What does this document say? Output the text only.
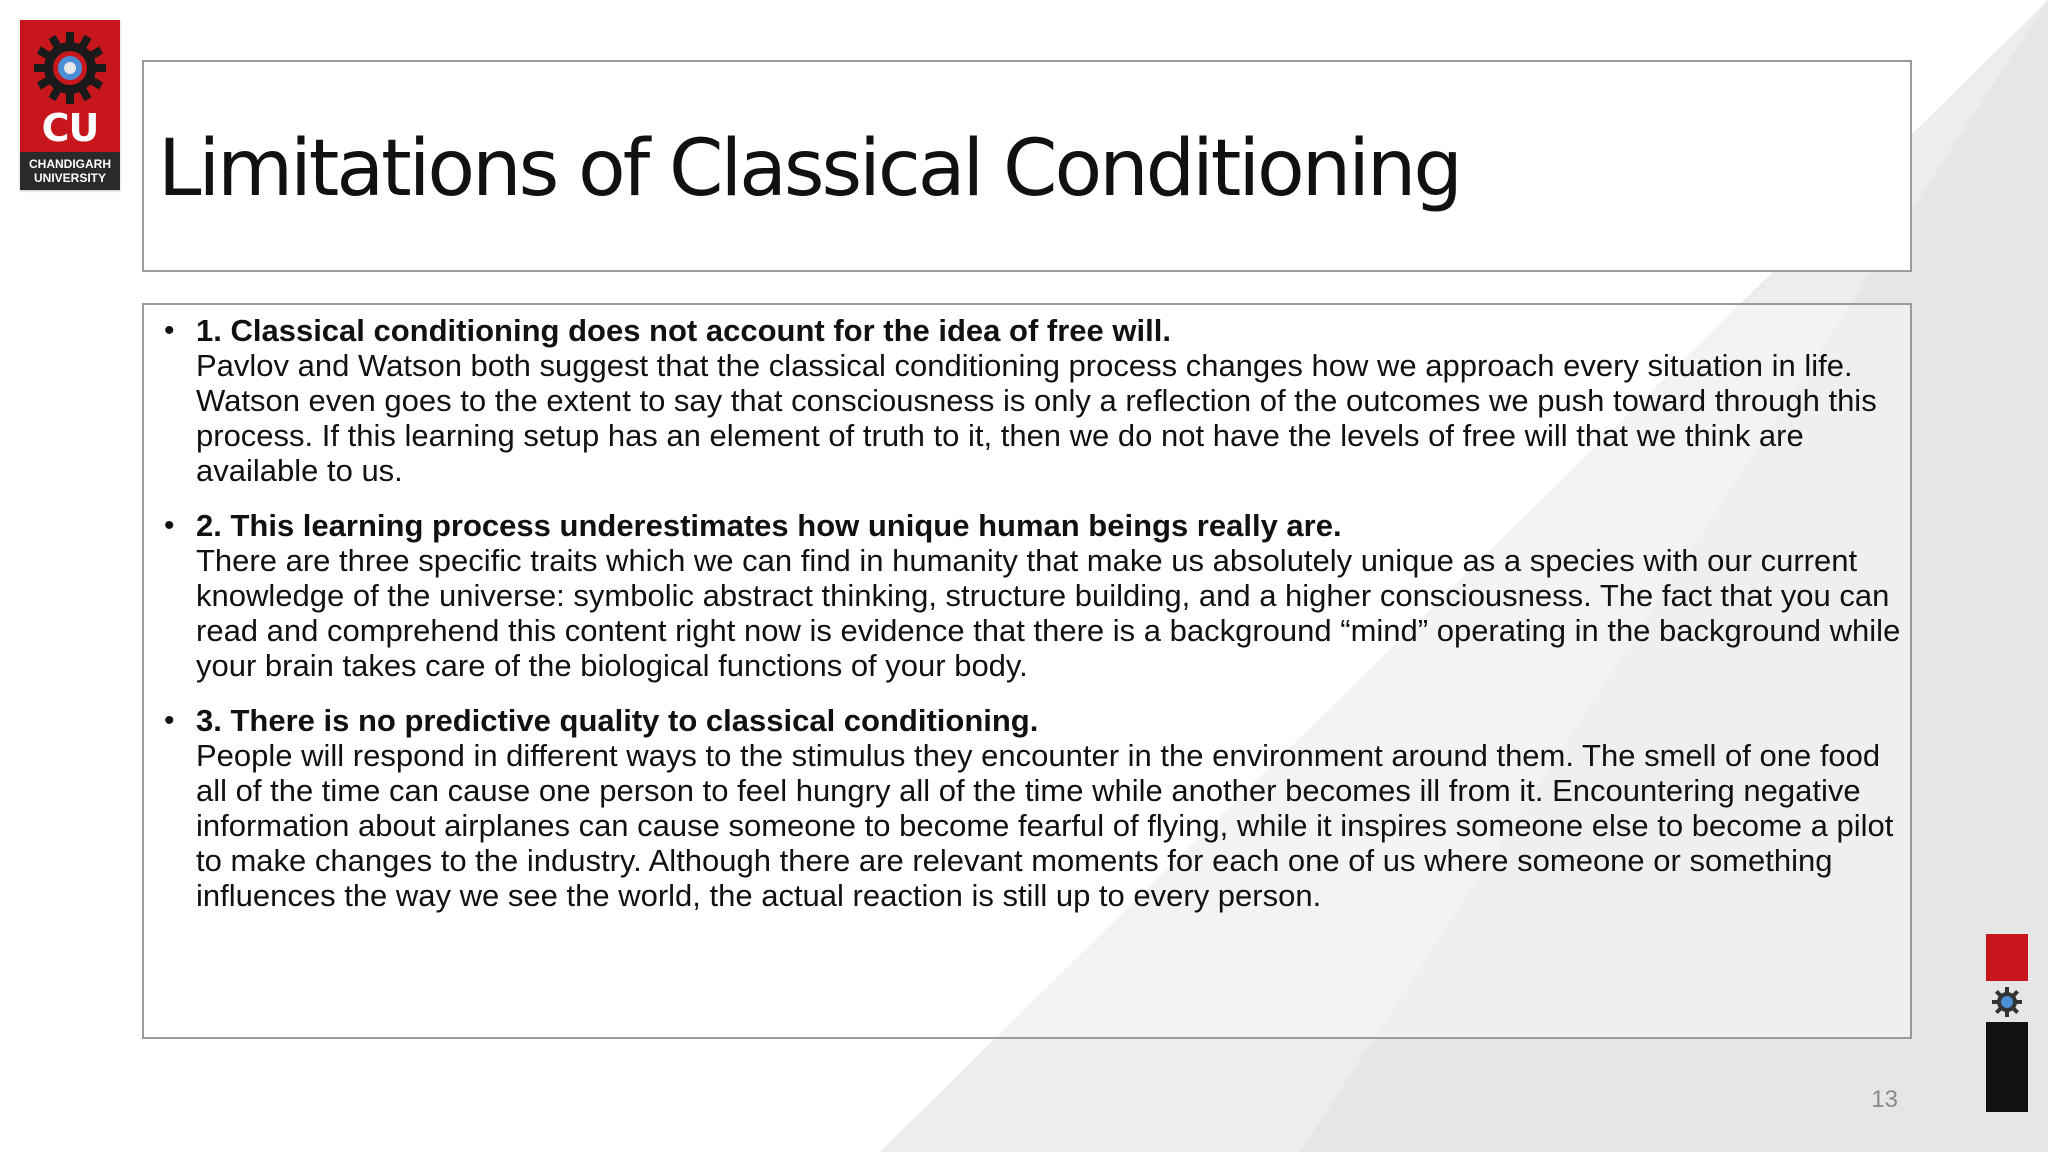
CU
CHANDIGARH
UNIVERSITY Limitations of Classical Conditioning
• 1. Classical conditioning does not account for the idea of free will.
Pavlov and Watson both suggest that the classical conditioning process changes how we approach every situation in life. Watson even goes to the extent to say that consciousness is only a reflection of the outcomes we push toward through this process. If this learning setup has an element of truth to it, then we do not have the levels of free will that we think are available to us.
• 2. This learning process underestimates how unique human beings really are.
There are three specific traits which we can find in humanity that make us absolutely unique as a species with our current knowledge of the universe: symbolic abstract thinking, structure building, and a higher consciousness. The fact that you can read and comprehend this content right now is evidence that there is a background “mind” operating in the background while your brain takes care of the biological functions of your body.
• 3. There is no predictive quality to classical conditioning.
People will respond in different ways to the stimulus they encounter in the environment around them. The smell of one food all of the time can cause one person to feel hungry all of the time while another becomes ill from it. Encountering negative information about airplanes can cause someone to become fearful of flying, while it inspires someone else to become a pilot to make changes to the industry. Although there are relevant moments for each one of us where someone or something influences the way we see the world, the actual reaction is still up to every person.
13
